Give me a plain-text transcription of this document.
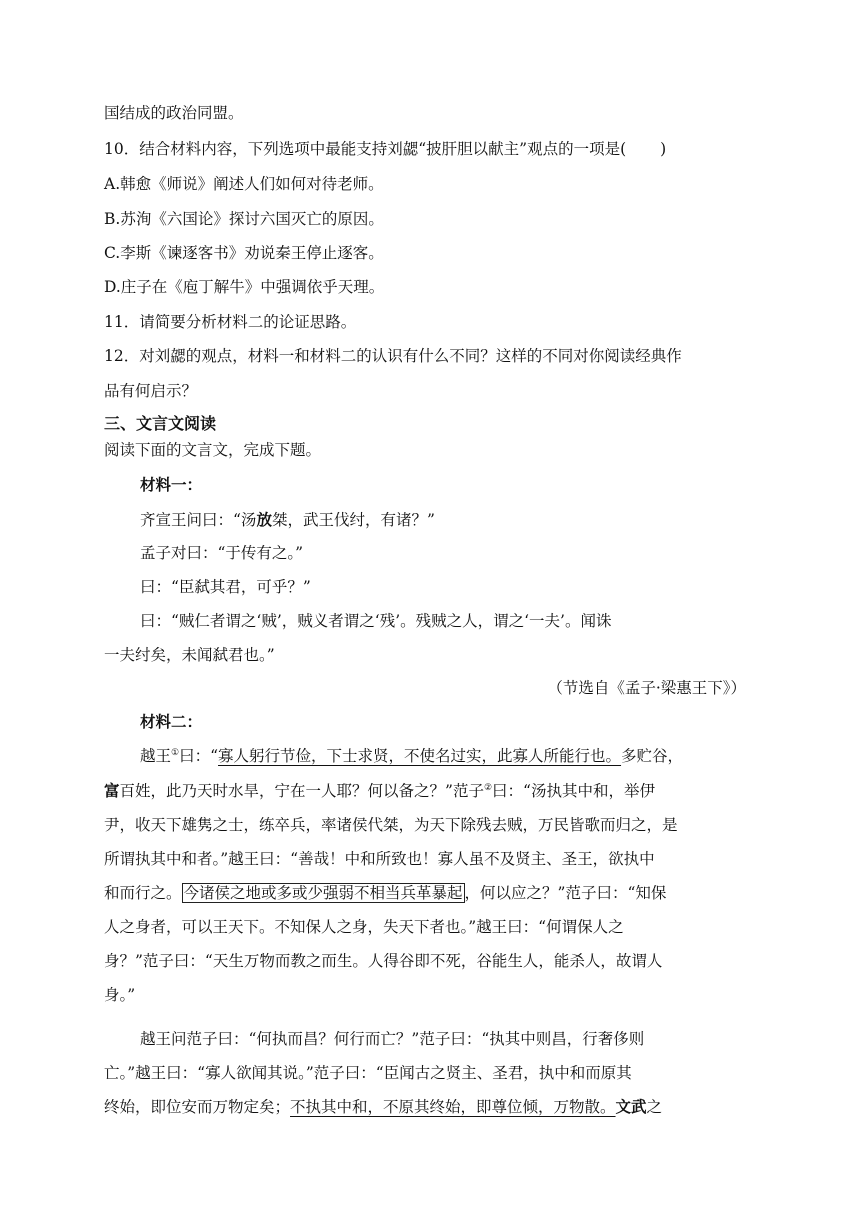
国结成的政治同盟。
10．结合材料内容，下列选项中最能支持刘勰“披肝胆以献主”观点的一项是( )
A.韩愈《师说》阐述人们如何对待老师。
B.苏洵《六国论》探讨六国灭亡的原因。
C.李斯《谏逐客书》劝说秦王停止逐客。
D.庄子在《庖丁解牛》中强调依乎天理。
11．请简要分析材料二的论证思路。
12．对刘勰的观点，材料一和材料二的认识有什么不同？这样的不同对你阅读经典作
品有何启示？
三、文言文阅读
阅读下面的文言文，完成下题。
材料一：
齐宣王问曰：“汤放桀，武王伐纣，有诸？”
孟子对曰：“于传有之。”
曰：“臣弑其君，可乎？”
曰：“贼仁者谓之‘贼’，贼义者谓之‘残’。残贼之人，谓之‘一夫’。闻诛
一夫纣矣，未闻弑君也。”
（节选自《孟子·梁惠王下》）
材料二：
越王①曰：“寡人躬行节俭，下士求贤，不使名过实，此寡人所能行也。多贮谷，
富百姓，此乃天时水旱，宁在一人耶？何以备之？”范子②曰：“汤执其中和，举伊
尹，收天下雄隽之士，练卒兵，率诸侯代桀，为天下除残去贼，万民皆歌而归之，是
所谓执其中和者。”越王曰：“善哉！中和所致也！寡人虽不及贤主、圣王，欲执中
和而行之。 今诸侯之地或多或少强弱不相当兵革暴起 ，何以应之？”范子曰：“知保
人之身者，可以王天下。不知保人之身，失天下者也。”越王曰：“何谓保人之
身？”范子曰：“天生万物而教之而生。人得谷即不死，谷能生人，能杀人，故谓人
身。”
越王问范子曰：“何执而昌？何行而亡？”范子曰：“执其中则昌，行奢侈则
亡。”越王曰：“寡人欲闻其说。”范子曰：“臣闻古之贤主、圣君，执中和而原其
终始，即位安而万物定矣；不执其中和，不原其终始，即尊位倾，万物散。文武之
